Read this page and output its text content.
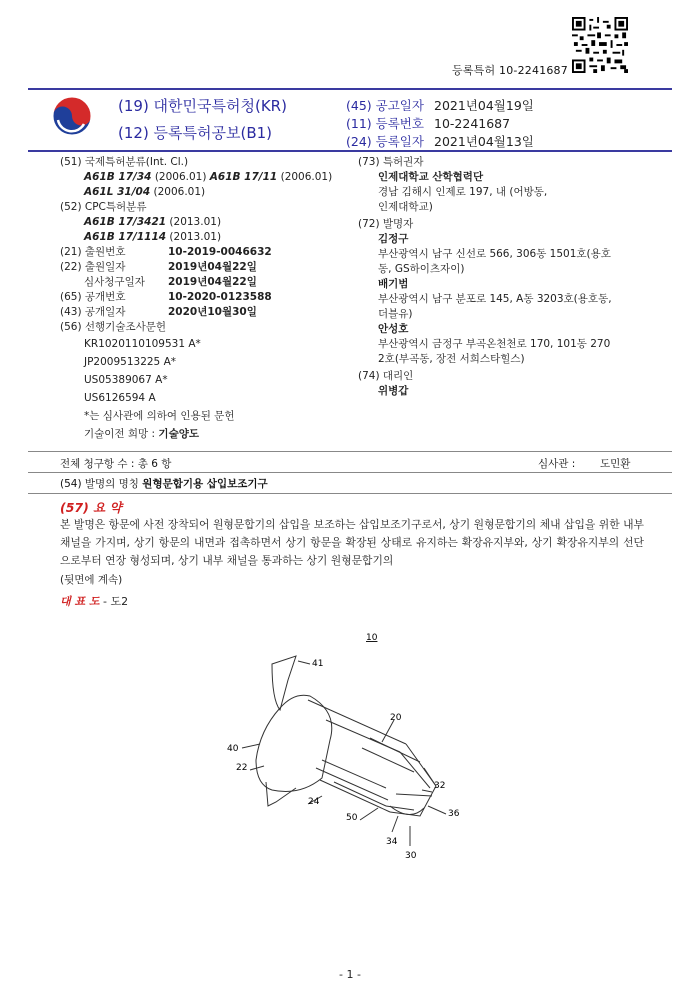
등록특허 10-2241687
(19) 대한민국특허청(KR)
(12) 등록특허공보(B1)
(45) 공고일자 2021년04월19일
(11) 등록번호 10-2241687
(24) 등록일자 2021년04월13일
(51) 국제특허분류(Int. Cl.)
A61B 17/34 (2006.01) A61B 17/11 (2006.01)
A61L 31/04 (2006.01)
(52) CPC특허분류
A61B 17/3421 (2013.01)
A61B 17/1114 (2013.01)
(21) 출원번호	10-2019-0046632
(22) 출원일자	2019년04월22일
심사청구일자 2019년04월22일
(65) 공개번호	10-2020-0123588
(43) 공개일자	2020년10월30일
(56) 선행기술조사문헌
KR1020110109531 A*
JP2009513225 A*
US05389067 A*
US6126594 A
*는 심사관에 의하여 인용된 문헌
기술이전 희망 : 기술양도
(73) 특허권자
인제대학교 산학협력단
경남 김해시 인제로 197, 내 (어방동,
인제대학교)
(72) 발명자
김정구
부산광역시 남구 신선로 566, 306동 1501호(용호
동, GS하이츠자이)
배기범
부산광역시 남구 분포로 145, A동 3203호(용호동,
더블유)
안성호
부산광역시 금정구 부곡온천천로 170, 101동 270
2호(부곡동, 장전 서희스타힐스)
(74) 대리인
위병갑
전체 청구항 수 : 총 6 항	심사관 : 도민환
(54) 발명의 명칭 원형문합기용 삽입보조기구
(57) 요 약
본 발명은 항문에 사전 장착되어 원형문합기의 삽입을 보조하는 삽입보조기구로서, 상기 원형문합기의 체내 삽입을 위한 내부 채널을 가지며, 상기 항문의 내면과 접촉하면서 상기 항문을 확장된 상태로 유지하는 확장유지부와, 상기 확장유지부의 선단으로부터 연장 형성되며, 상기 내부 채널을 통과하는 상기 원형문합기의
(뒷면에 계속)
대 표 도 - 도2
10
41
20
40
22
32
24
50	36
34
30
- 1 -
